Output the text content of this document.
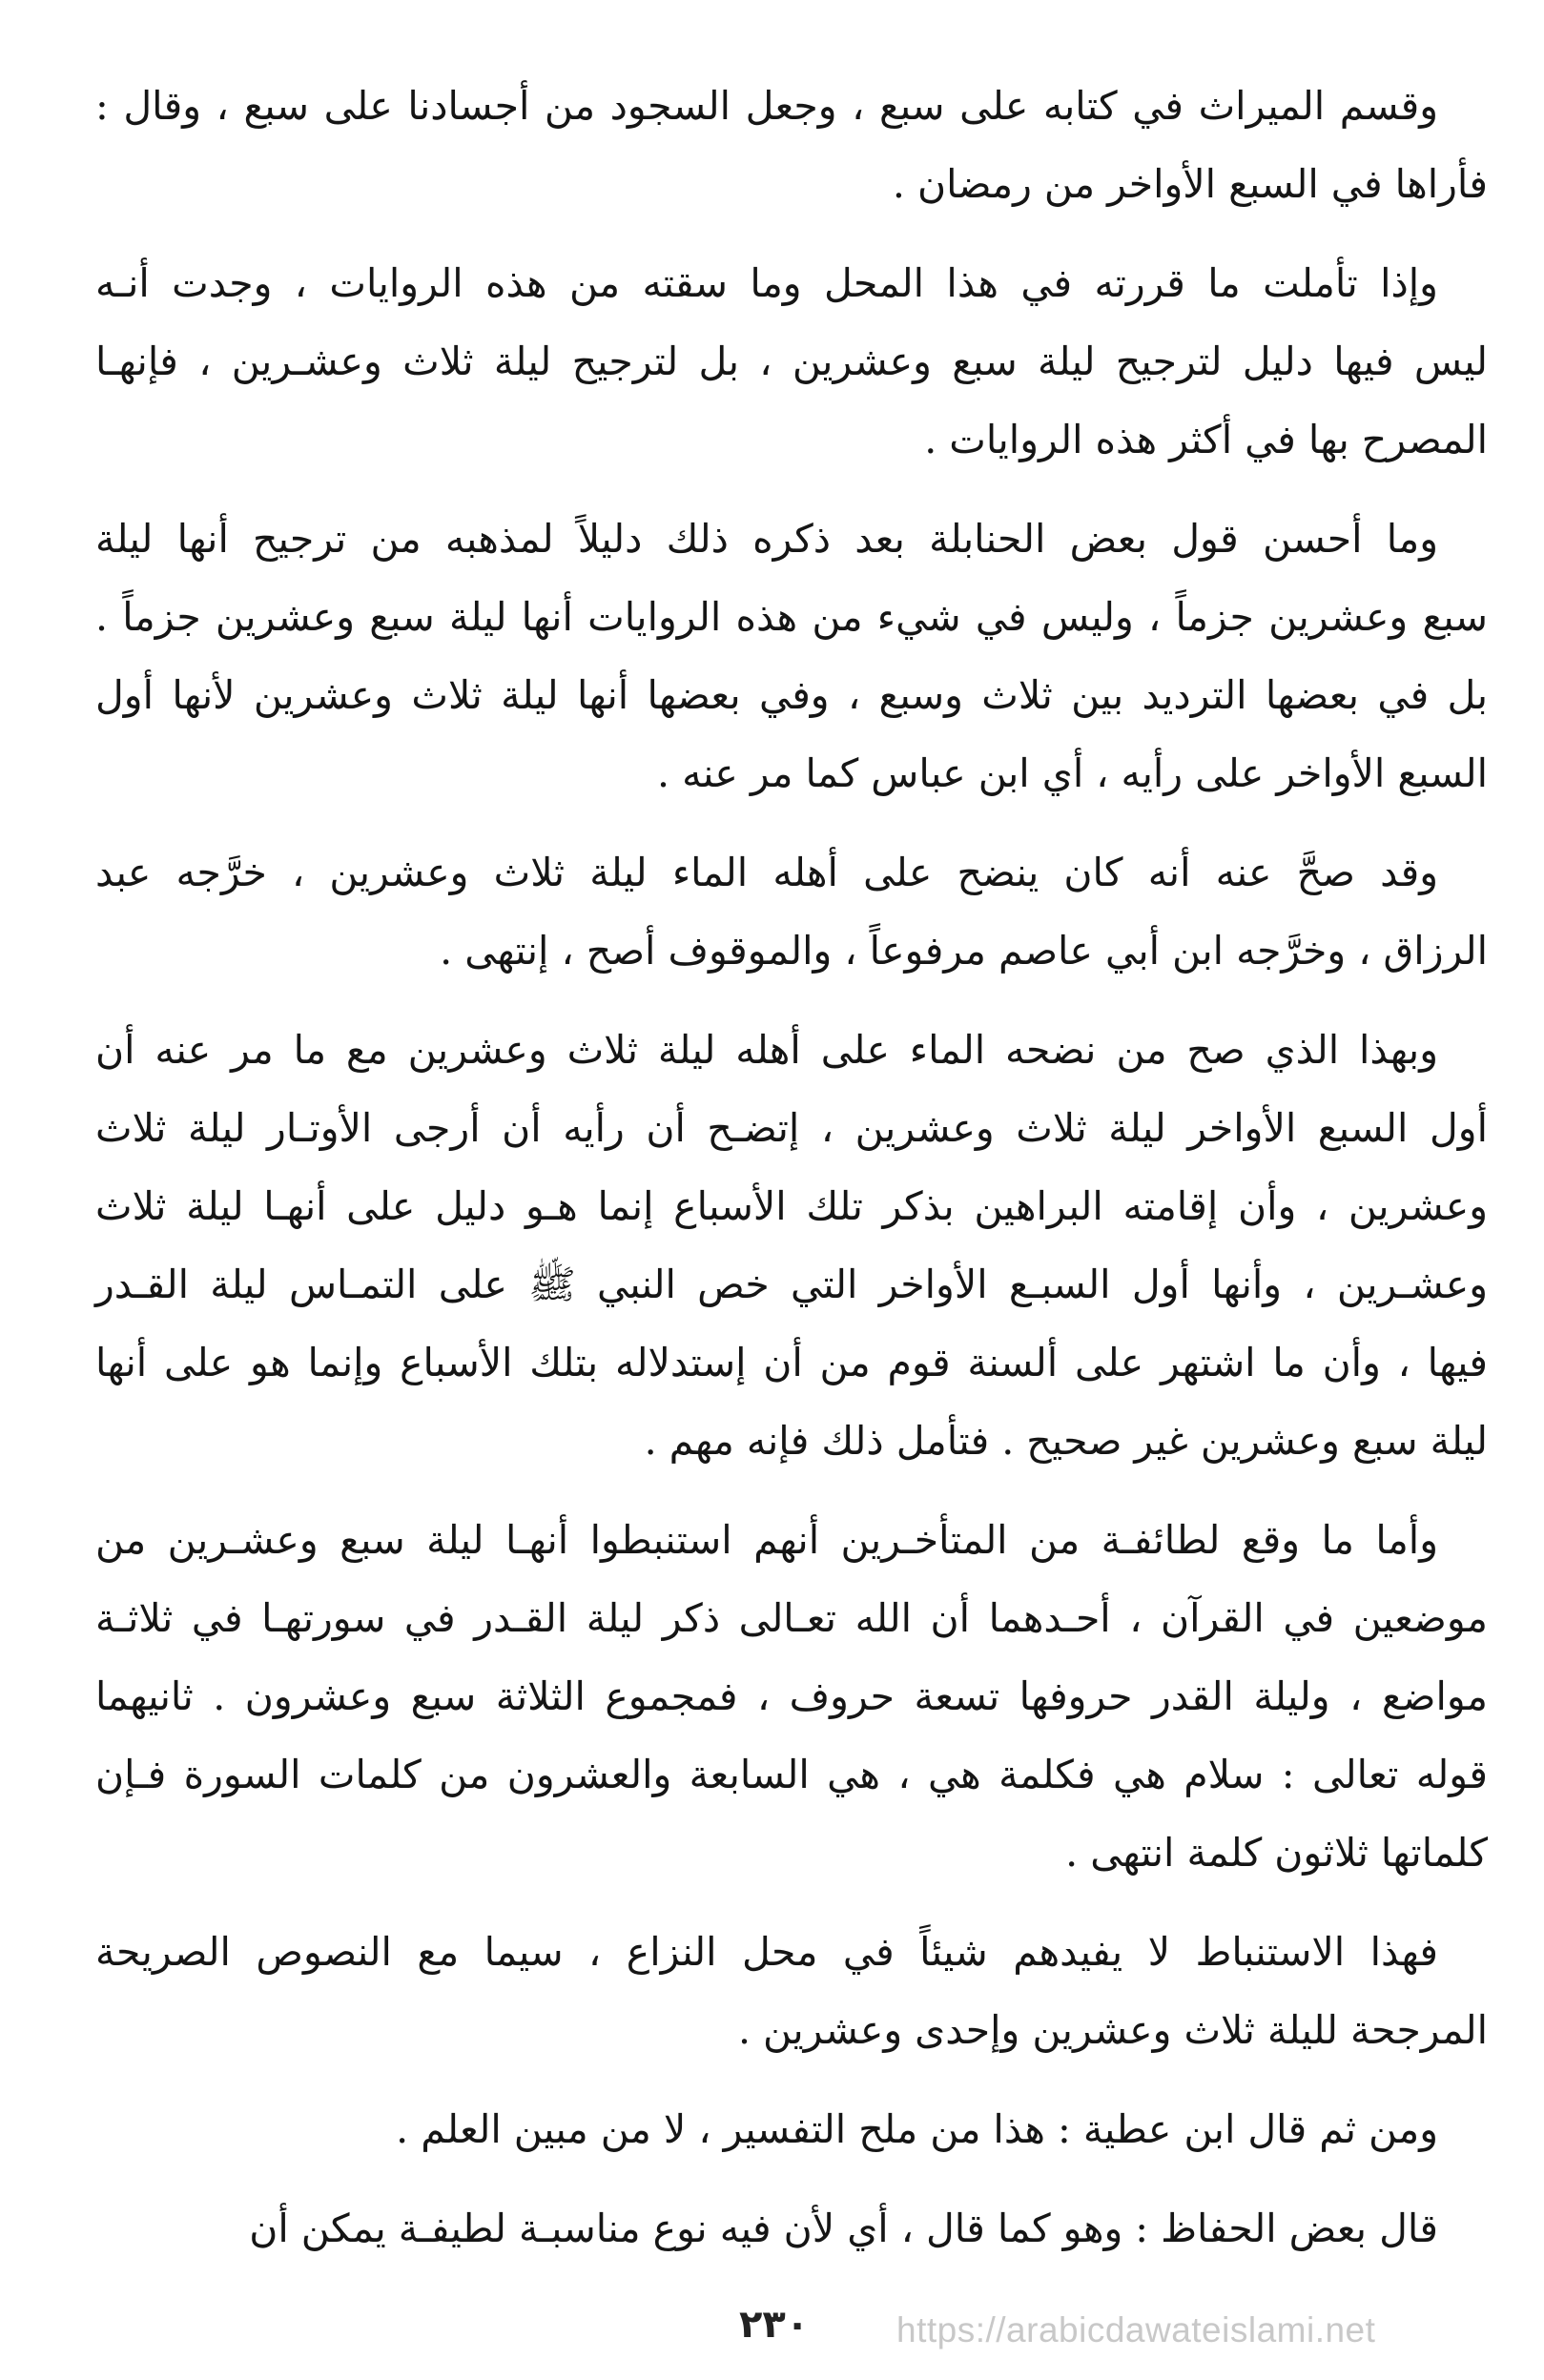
وقسم الميراث في كتابه على سبع ، وجعل السجود من أجسادنا على سبع ، وقال :
فأراها في السبع الأواخر من رمضان .
وإذا تأملت ما قررته في هذا المحل وما سقته من هذه الروايات ، وجدت أنـه
ليس فيها دليل لترجيح ليلة سبع وعشرين ، بل لترجيح ليلة ثلاث وعشـرين ، فإنهـا
المصرح بها في أكثر هذه الروايات .
وما أحسن قول بعض الحنابلة بعد ذكره ذلك دليلاً لمذهبه من ترجيح أنها ليلة
سبع وعشرين جزماً ، وليس في شيء من هذه الروايات أنها ليلة سبع وعشرين جزماً .
بل في بعضها الترديد بين ثلاث وسبع ، وفي بعضها أنها ليلة ثلاث وعشرين لأنها أول
السبع الأواخر على رأيه ، أي ابن عباس كما مر عنه .
وقد صحَّ عنه أنه كان ينضح على أهله الماء ليلة ثلاث وعشرين ، خرَّجه عبد
الرزاق ، وخرَّجه ابن أبي عاصم مرفوعاً ، والموقوف أصح ، إنتهى .
وبهذا الذي صح من نضحه الماء على أهله ليلة ثلاث وعشرين مع ما مر عنه أن
أول السبع الأواخر ليلة ثلاث وعشرين ، إتضـح أن رأيه أن أرجى الأوتـار ليلة ثلاث
وعشرين ، وأن إقامته البراهين بذكر تلك الأسباع إنما هـو دليل على أنهـا ليلة ثلاث
وعشـرين ، وأنها أول السبـع الأواخر التي خص النبي ﷺ على التمـاس ليلة القـدر
فيها ، وأن ما اشتهر على ألسنة قوم من أن إستدلاله بتلك الأسباع وإنما هو على أنها
ليلة سبع وعشرين غير صحيح . فتأمل ذلك فإنه مهم .
وأما ما وقع لطائفـة من المتأخـرين أنهم استنبطوا أنهـا ليلة سبع وعشـرين من
موضعين في القرآن ، أحـدهما أن الله تعـالى ذكر ليلة القـدر في سورتهـا في ثلاثـة
مواضع ، وليلة القدر حروفها تسعة حروف ، فمجموع الثلاثة سبع وعشرون . ثانيهما
قوله تعالى : سلام هي فكلمة هي ، هي السابعة والعشرون من كلمات السورة فـإن
كلماتها ثلاثون كلمة انتهى .
فهذا الاستنباط لا يفيدهم شيئاً في محل النزاع ، سيما مع النصوص الصريحة
المرجحة لليلة ثلاث وعشرين وإحدى وعشرين .
ومن ثم قال ابن عطية : هذا من ملح التفسير ، لا من مبين العلم .
قال بعض الحفاظ : وهو كما قال ، أي لأن فيه نوع مناسبـة لطيفـة يمكن أن
٢٣٠ https://arabicdawateislami.net
